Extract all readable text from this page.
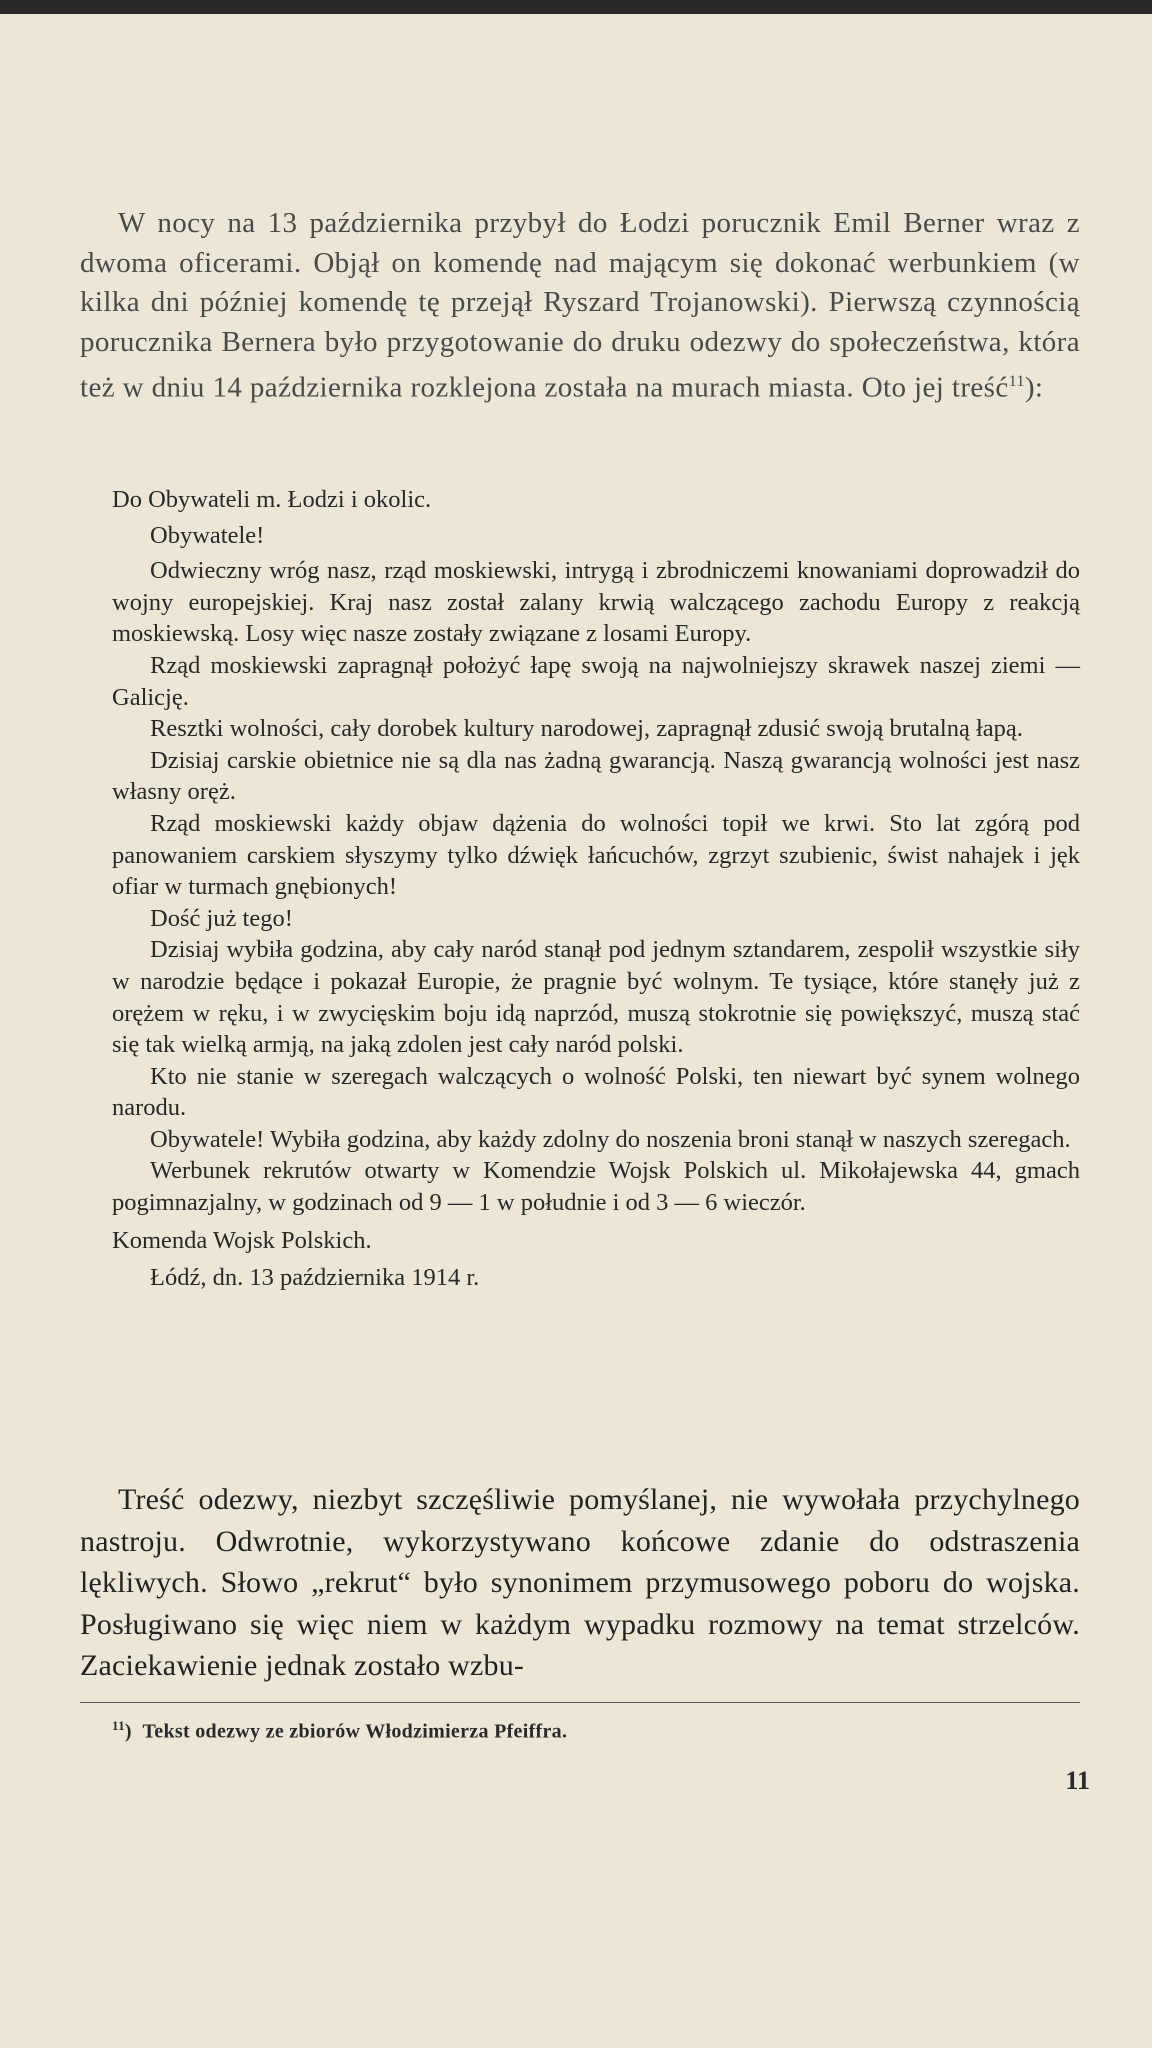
W nocy na 13 października przybył do Łodzi porucznik Emil Berner wraz z dwoma oficerami. Objął on komendę nad mającym się dokonać werbunkiem (w kilka dni później komendę tę przejął Ryszard Trojanowski). Pierwszą czynnością porucznika Bernera było przygotowanie do druku odezwy do społeczeństwa, która też w dniu 14 października rozklejona została na murach miasta. Oto jej treść$^{11}$):

Do Obywateli m. Łodzi i okolic.

Obywatele!

Odwieczny wróg nasz, rząd moskiewski, intrygą i zbrodniczemi knowaniami doprowadził do wojny europejskiej. Kraj nasz został zalany krwią walczącego zachodu Europy z reakcją moskiewską. Losy więc nasze zostały związane z losami Europy.

Rząd moskiewski zapragnął położyć łapę swoją na najwolniejszy skrawek naszej ziemi — Galicję.

Resztki wolności, cały dorobek kultury narodowej, zapragnął zdusić swoją brutalną łapą.

Dzisiaj carskie obietnice nie są dla nas żadną gwarancją. Naszą gwarancją wolności jest nasz własny oręż.

Rząd moskiewski każdy objaw dążenia do wolności topił we krwi. Sto lat zgórą pod panowaniem carskiem słyszymy tylko dźwięk łańcuchów, zgrzyt szubienic, świst nahajek i jęk ofiar w turmach gnębionych!

Dość już tego!

Dzisiaj wybiła godzina, aby cały naród stanął pod jednym sztandarem, zespolił wszystkie siły w narodzie będące i pokazał Europie, że pragnie być wolnym. Te tysiące, które stanęły już z orężem w ręku, i w zwycięskim boju idą naprzód, muszą stokrotnie się powiększyć, muszą stać się tak wielką armją, na jaką zdolen jest cały naród polski.

Kto nie stanie w szeregach walczących o wolność Polski, ten niewart być synem wolnego narodu.

Obywatele! Wybiła godzina, aby każdy zdolny do noszenia broni stanął w naszych szeregach.

Werbunek rekrutów otwarty w Komendzie Wojsk Polskich ul. Mikołajewska 44, gmach pogimnazjalny, w godzinach od 9 — 1 w południe i od 3 — 6 wieczór.

Komenda Wojsk Polskich.

Łódź, dn. 13 października 1914 r.

Treść odezwy, niezbyt szczęśliwie pomyślanej, nie wywołała przychylnego nastroju. Odwrotnie, wykorzystywano końcowe zdanie do odstraszenia lękliwych. Słowo „rekrut“ było synonimem przymusowego poboru do wojska. Posługiwano się więc niem w każdym wypadku rozmowy na temat strzelców. Zaciekawienie jednak zostało wzbu-

$^{11}$) Tekst odezwy ze zbiorów Włodzimierza Pfeiffra.
11
